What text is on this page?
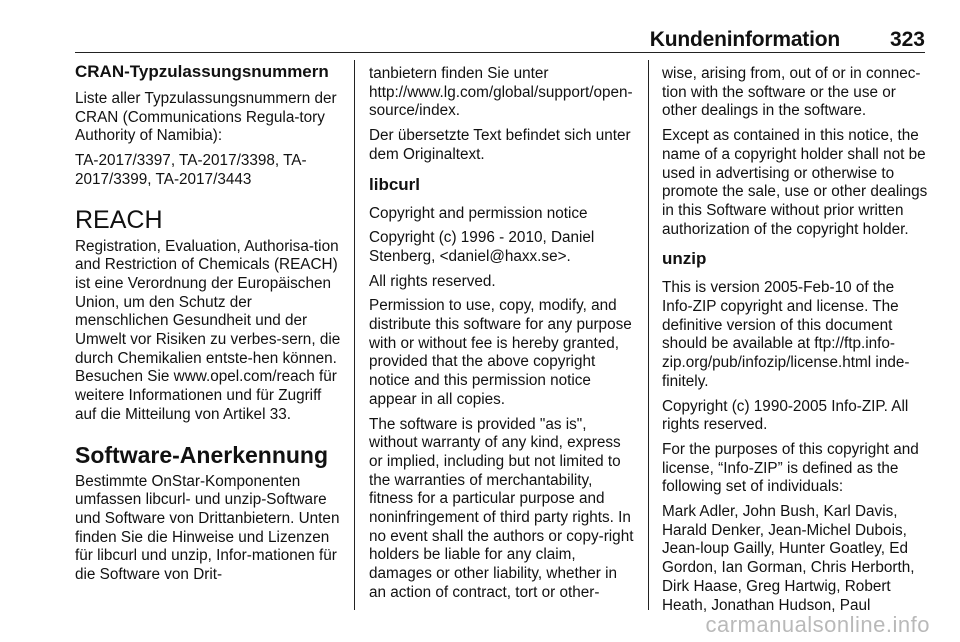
Kundeninformation 323
CRAN-Typzulassungsnummern

Liste aller Typzulassungsnummern der CRAN (Communications Regula-tory Authority of Namibia):

TA-2017/3397, TA-2017/3398, TA-2017/3399, TA-2017/3443

REACH

Registration, Evaluation, Authorisa-tion and Restriction of Chemicals (REACH) ist eine Verordnung der Europäischen Union, um den Schutz der menschlichen Gesundheit und der Umwelt vor Risiken zu verbes-sern, die durch Chemikalien entste-hen können. Besuchen Sie www.opel.com/reach für weitere Informationen und für Zugriff auf die Mitteilung von Artikel 33.

Software-Anerkennung

Bestimmte OnStar-Komponenten umfassen libcurl- und unzip-Software und Software von Drittanbietern. Unten finden Sie die Hinweise und Lizenzen für libcurl und unzip, Infor-mationen für die Software von Drit-

tanbietern finden Sie unter http://www.lg.com/global/support/open-source/index.

Der übersetzte Text befindet sich unter dem Originaltext.

libcurl

Copyright and permission notice

Copyright (c) 1996 - 2010, Daniel Stenberg, <daniel@haxx.se>.

All rights reserved.

Permission to use, copy, modify, and distribute this software for any purpose with or without fee is hereby granted, provided that the above copyright notice and this permission notice appear in all copies.

The software is provided "as is", without warranty of any kind, express or implied, including but not limited to the warranties of merchantability, fitness for a particular purpose and noninfringement of third party rights. In no event shall the authors or copy-right holders be liable for any claim, damages or other liability, whether in an action of contract, tort or other-

wise, arising from, out of or in connec-tion with the software or the use or other dealings in the software.

Except as contained in this notice, the name of a copyright holder shall not be used in advertising or otherwise to promote the sale, use or other dealings in this Software without prior written authorization of the copyright holder.

unzip

This is version 2005-Feb-10 of the Info-ZIP copyright and license. The definitive version of this document should be available at ftp://ftp.info-zip.org/pub/infozip/license.html inde-finitely.

Copyright (c) 1990-2005 Info-ZIP. All rights reserved.

For the purposes of this copyright and license, “Info-ZIP” is defined as the following set of individuals:

Mark Adler, John Bush, Karl Davis, Harald Denker, Jean-Michel Dubois, Jean-loup Gailly, Hunter Goatley, Ed Gordon, Ian Gorman, Chris Herborth, Dirk Haase, Greg Hartwig, Robert Heath, Jonathan Hudson, Paul

carmanualsonline.info
